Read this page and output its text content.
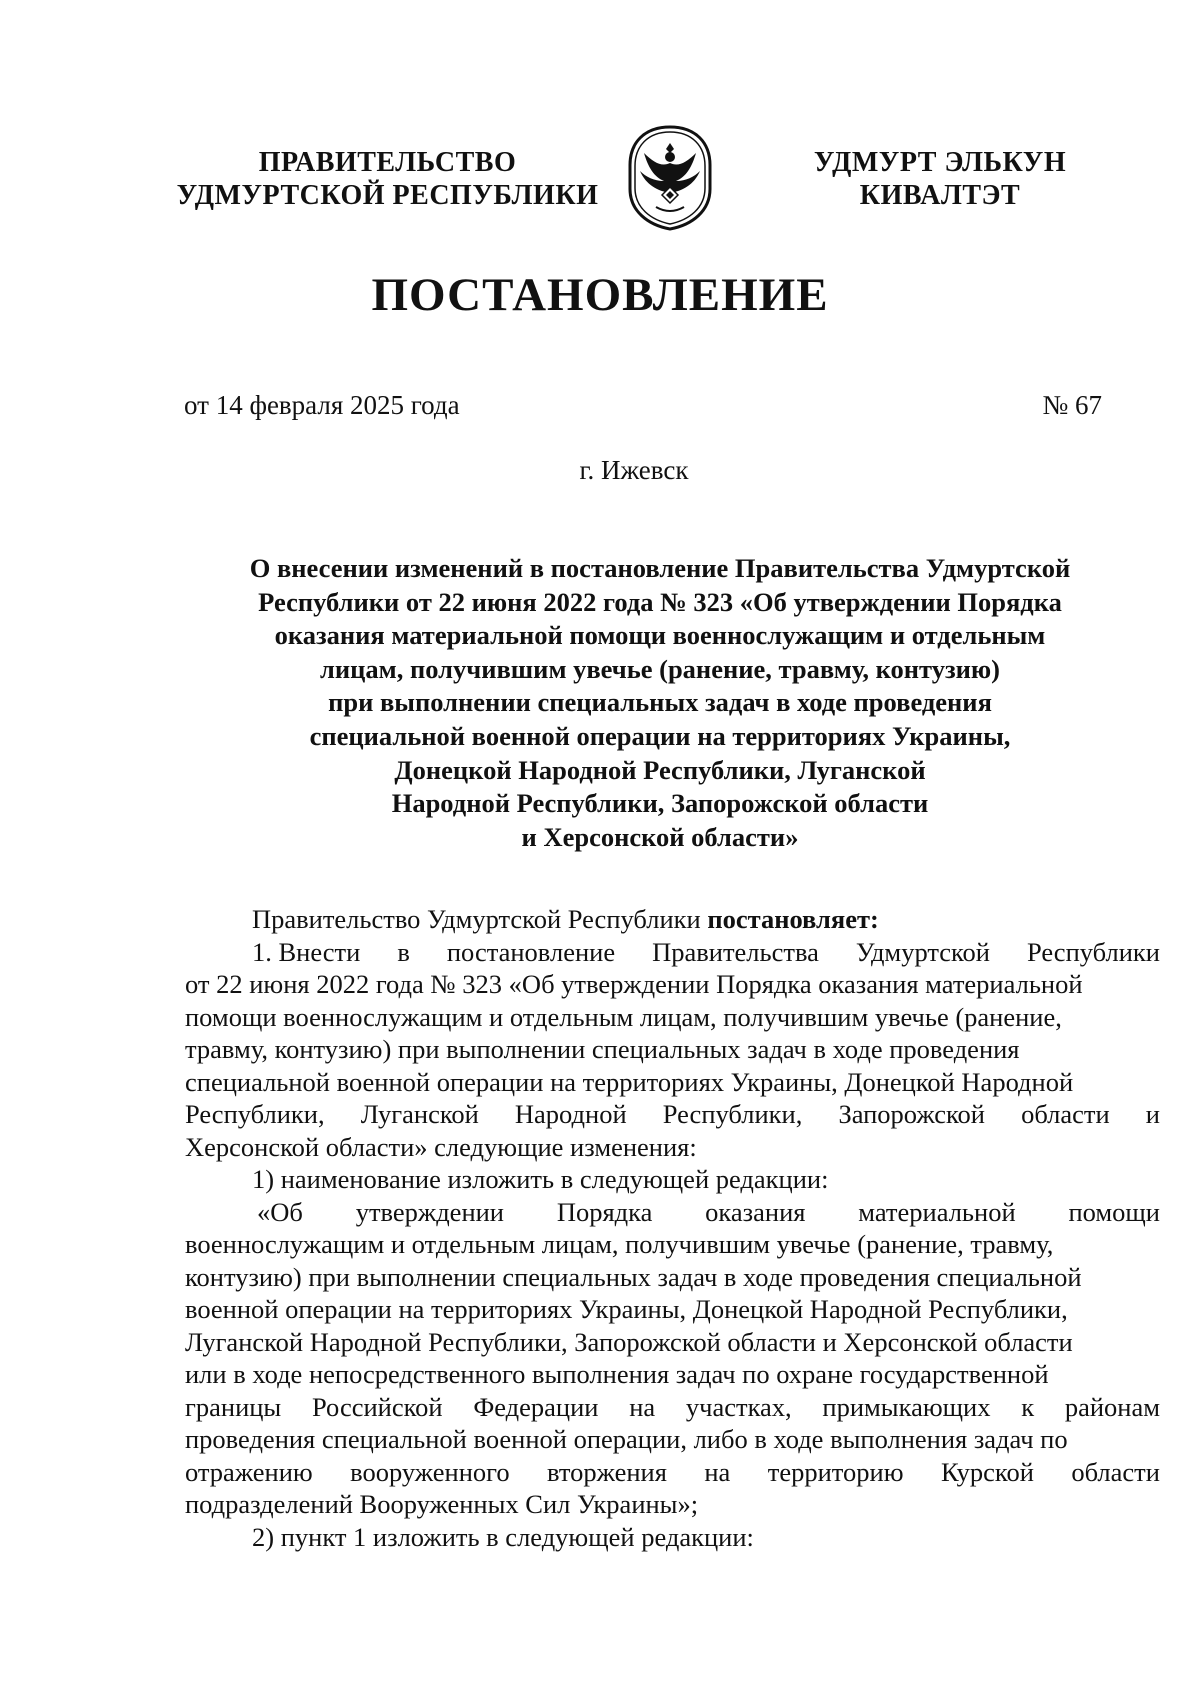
ПРАВИТЕЛЬСТВО
УДМУРТСКОЙ РЕСПУБЛИКИ
УДМУРТ ЭЛЬКУН
КИВАЛТЭТ
ПОСТАНОВЛЕНИЕ
от 14 февраля 2025 года	№ 67
г. Ижевск
О внесении изменений в постановление Правительства Удмуртской
Республики от 22 июня 2022 года № 323 «Об утверждении Порядка
оказания материальной помощи военнослужащим и отдельным
лицам, получившим увечье (ранение, травму, контузию)
при выполнении специальных задач в ходе проведения
специальной военной операции на территориях Украины,
Донецкой Народной Республики, Луганской
Народной Республики, Запорожской области
и Херсонской области»
Правительство Удмуртской Республики постановляет:
1. Внести в постановление Правительства Удмуртской Республики
от 22 июня 2022 года № 323 «Об утверждении Порядка оказания материальной
помощи военнослужащим и отдельным лицам, получившим увечье (ранение,
травму, контузию) при выполнении специальных задач в ходе проведения
специальной военной операции на территориях Украины, Донецкой Народной
Республики, Луганской Народной Республики, Запорожской области и
Херсонской области» следующие изменения:
1) наименование изложить в следующей редакции:
«Об утверждении Порядка оказания материальной помощи
военнослужащим и отдельным лицам, получившим увечье (ранение, травму,
контузию) при выполнении специальных задач в ходе проведения специальной
военной операции на территориях Украины, Донецкой Народной Республики,
Луганской Народной Республики, Запорожской области и Херсонской области
или в ходе непосредственного выполнения задач по охране государственной
границы Российской Федерации на участках, примыкающих к районам
проведения специальной военной операции, либо в ходе выполнения задач по
отражению вооруженного вторжения на территорию Курской области
подразделений Вооруженных Сил Украины»;
2) пункт 1 изложить в следующей редакции:
